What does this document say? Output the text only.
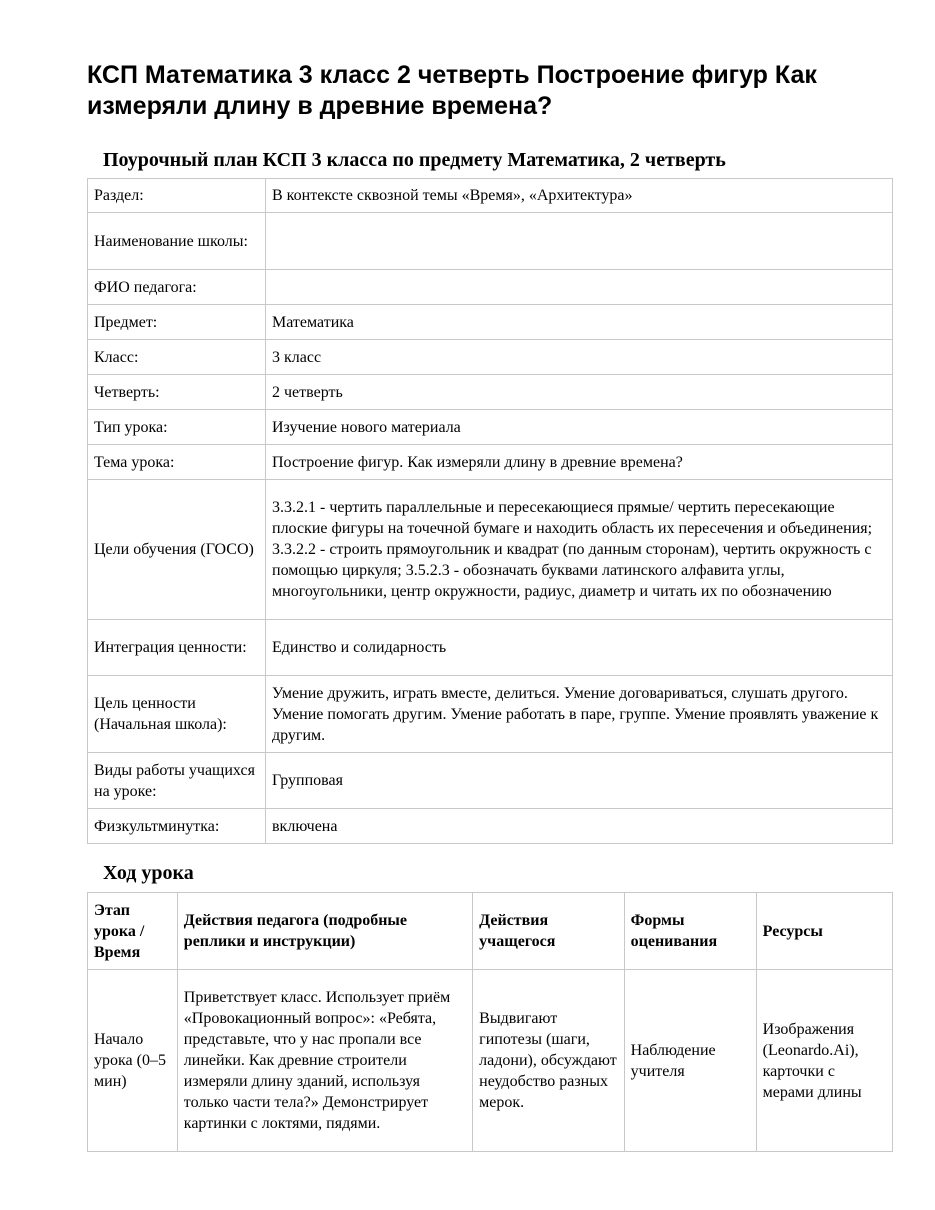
КСП Математика 3 класс 2 четверть Построение фигур Как измеряли длину в древние времена?
Поурочный план КСП 3 класса по предмету Математика, 2 четверть
Раздел:	В контексте сквозной темы «Время», «Архитектура»
Наименование школы:	
ФИО педагога:	
Предмет:	Математика
Класс:	3 класс
Четверть:	2 четверть
Тип урока:	Изучение нового материала
Тема урока:	Построение фигур. Как измеряли длину в древние времена?
Цели обучения (ГОСО)	3.3.2.1 - чертить параллельные и пересекающиеся прямые/ чертить пересекающие плоские фигуры на точечной бумаге и находить область их пересечения и объединения; 3.3.2.2 - строить прямоугольник и квадрат (по данным сторонам), чертить окружность с помощью циркуля; 3.5.2.3 - обозначать буквами латинского алфавита углы, многоугольники, центр окружности, радиус, диаметр и читать их по обозначению
Интеграция ценности:	Единство и солидарность
Цель ценности (Начальная школа):	Умение дружить, играть вместе, делиться. Умение договариваться, слушать другого. Умение помогать другим. Умение работать в паре, группе. Умение проявлять уважение к другим.
Виды работы учащихся на уроке:	Групповая
Физкультминутка:	включена
Ход урока
Этап урока / Время	Действия педагога (подробные реплики и инструкции)	Действия учащегося	Формы оценивания	Ресурсы
Начало урока (0–5 мин)	Приветствует класс. Использует приём «Провокационный вопрос»: «Ребята, представьте, что у нас пропали все линейки. Как древние строители измеряли длину зданий, используя только части тела?» Демонстрирует картинки с локтями, пядями.	Выдвигают гипотезы (шаги, ладони), обсуждают неудобство разных мерок.	Наблюдение учителя	Изображения (Leonardo.Ai), карточки с мерами длины
